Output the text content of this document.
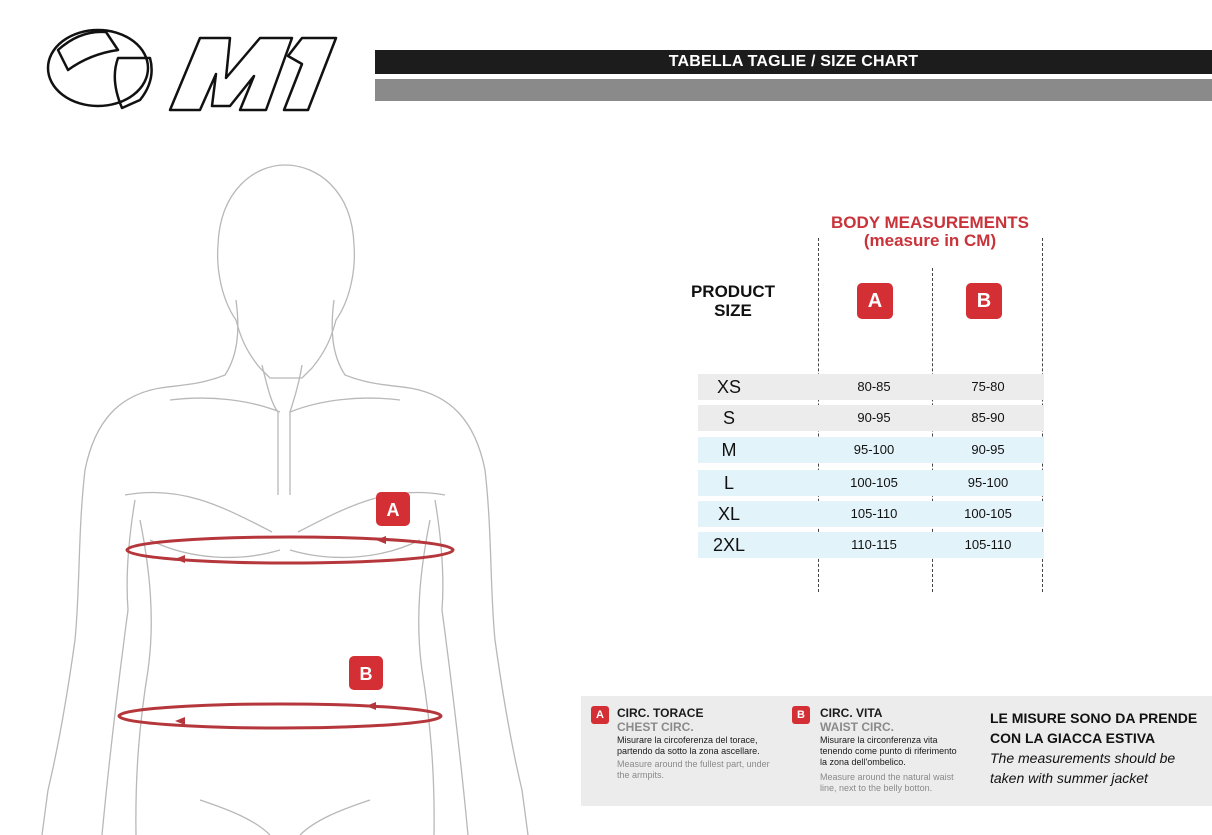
TABELLA TAGLIE / SIZE CHART
A
B
BODY MEASUREMENTS
(measure in CM)
PRODUCT
SIZE	A	B
XS	80-85	75-80
S	90-95	85-90
M	95-100	90-95
L	100-105	95-100
XL	105-110	100-105
2XL	110-115	105-110
A	CIRC. TORACE
CHEST CIRC.
Misurare la circoferenza del torace,
partendo da sotto la zona ascellare.
Measure around the fullest part, under
the armpits.
B	CIRC. VITA
WAIST CIRC.
Misurare la circonferenza vita
tenendo come punto di riferimento
la zona dell'ombelico.
Measure around the natural waist
line, next to the belly botton.
LE MISURE SONO DA PRENDE CON LA GIACCA ESTIVA
The measurements should be taken with summer jacket
